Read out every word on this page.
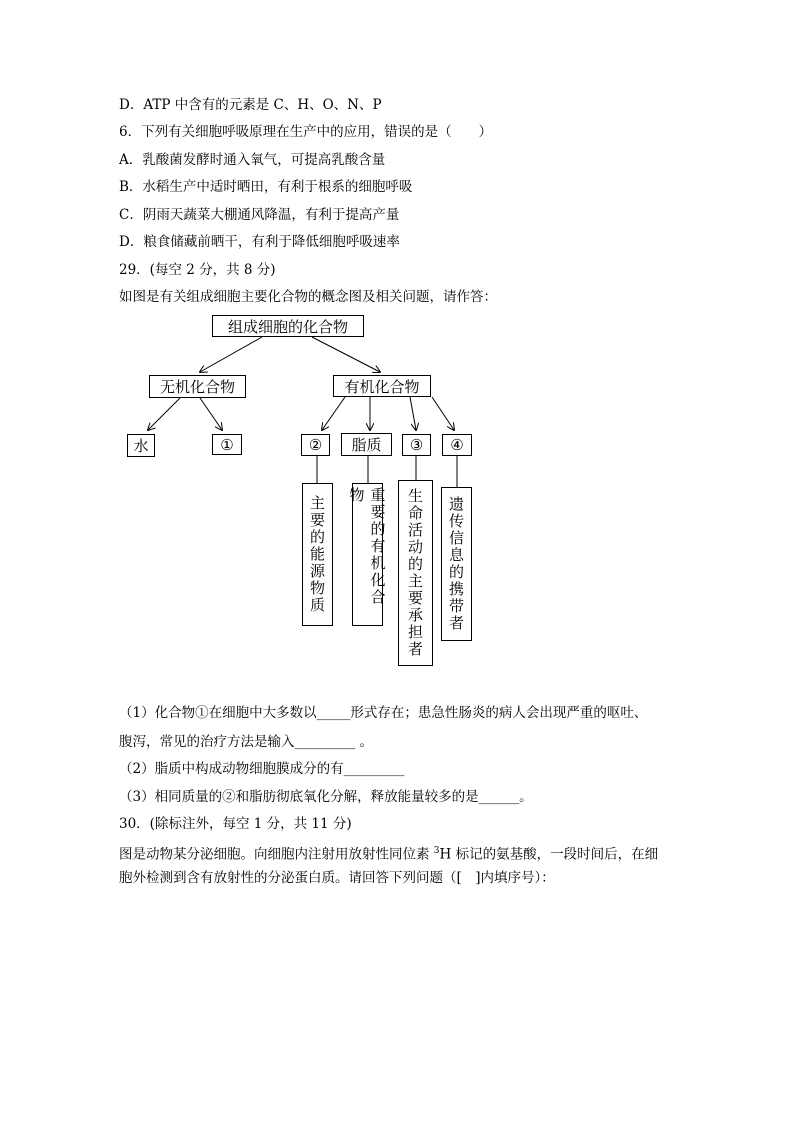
D．ATP 中含有的元素是 C、H、O、N、P
6．下列有关细胞呼吸原理在生产中的应用，错误的是（　　）
A．乳酸菌发酵时通入氧气，可提高乳酸含量
B．水稻生产中适时晒田，有利于根系的细胞呼吸
C．阴雨天蔬菜大棚通风降温，有利于提高产量
D．粮食储藏前晒干，有利于降低细胞呼吸速率
29．(每空 2 分，共 8 分)
如图是有关组成细胞主要化合物的概念图及相关问题，请作答：
组成细胞的化合物
无机化合物	有机化合物
水	①	②	脂质	③	④
主要的能源物质	重要的有机化合物	生命活动的主要承担者	遗传信息的携带者
（1）化合物①在细胞中大多数以_____形式存在；患急性肠炎的病人会出现严重的呕吐、
腹泻，常见的治疗方法是输入_________ 。
（2）脂质中构成动物细胞膜成分的有_________
（3）相同质量的②和脂肪彻底氧化分解，释放能量较多的是______。
30．(除标注外，每空 1 分，共 11 分)
图是动物某分泌细胞。向细胞内注射用放射性同位素 $^3$H 标记的氨基酸，一段时间后，在细
胞外检测到含有放射性的分泌蛋白质。请回答下列问题（[　]内填序号）：
